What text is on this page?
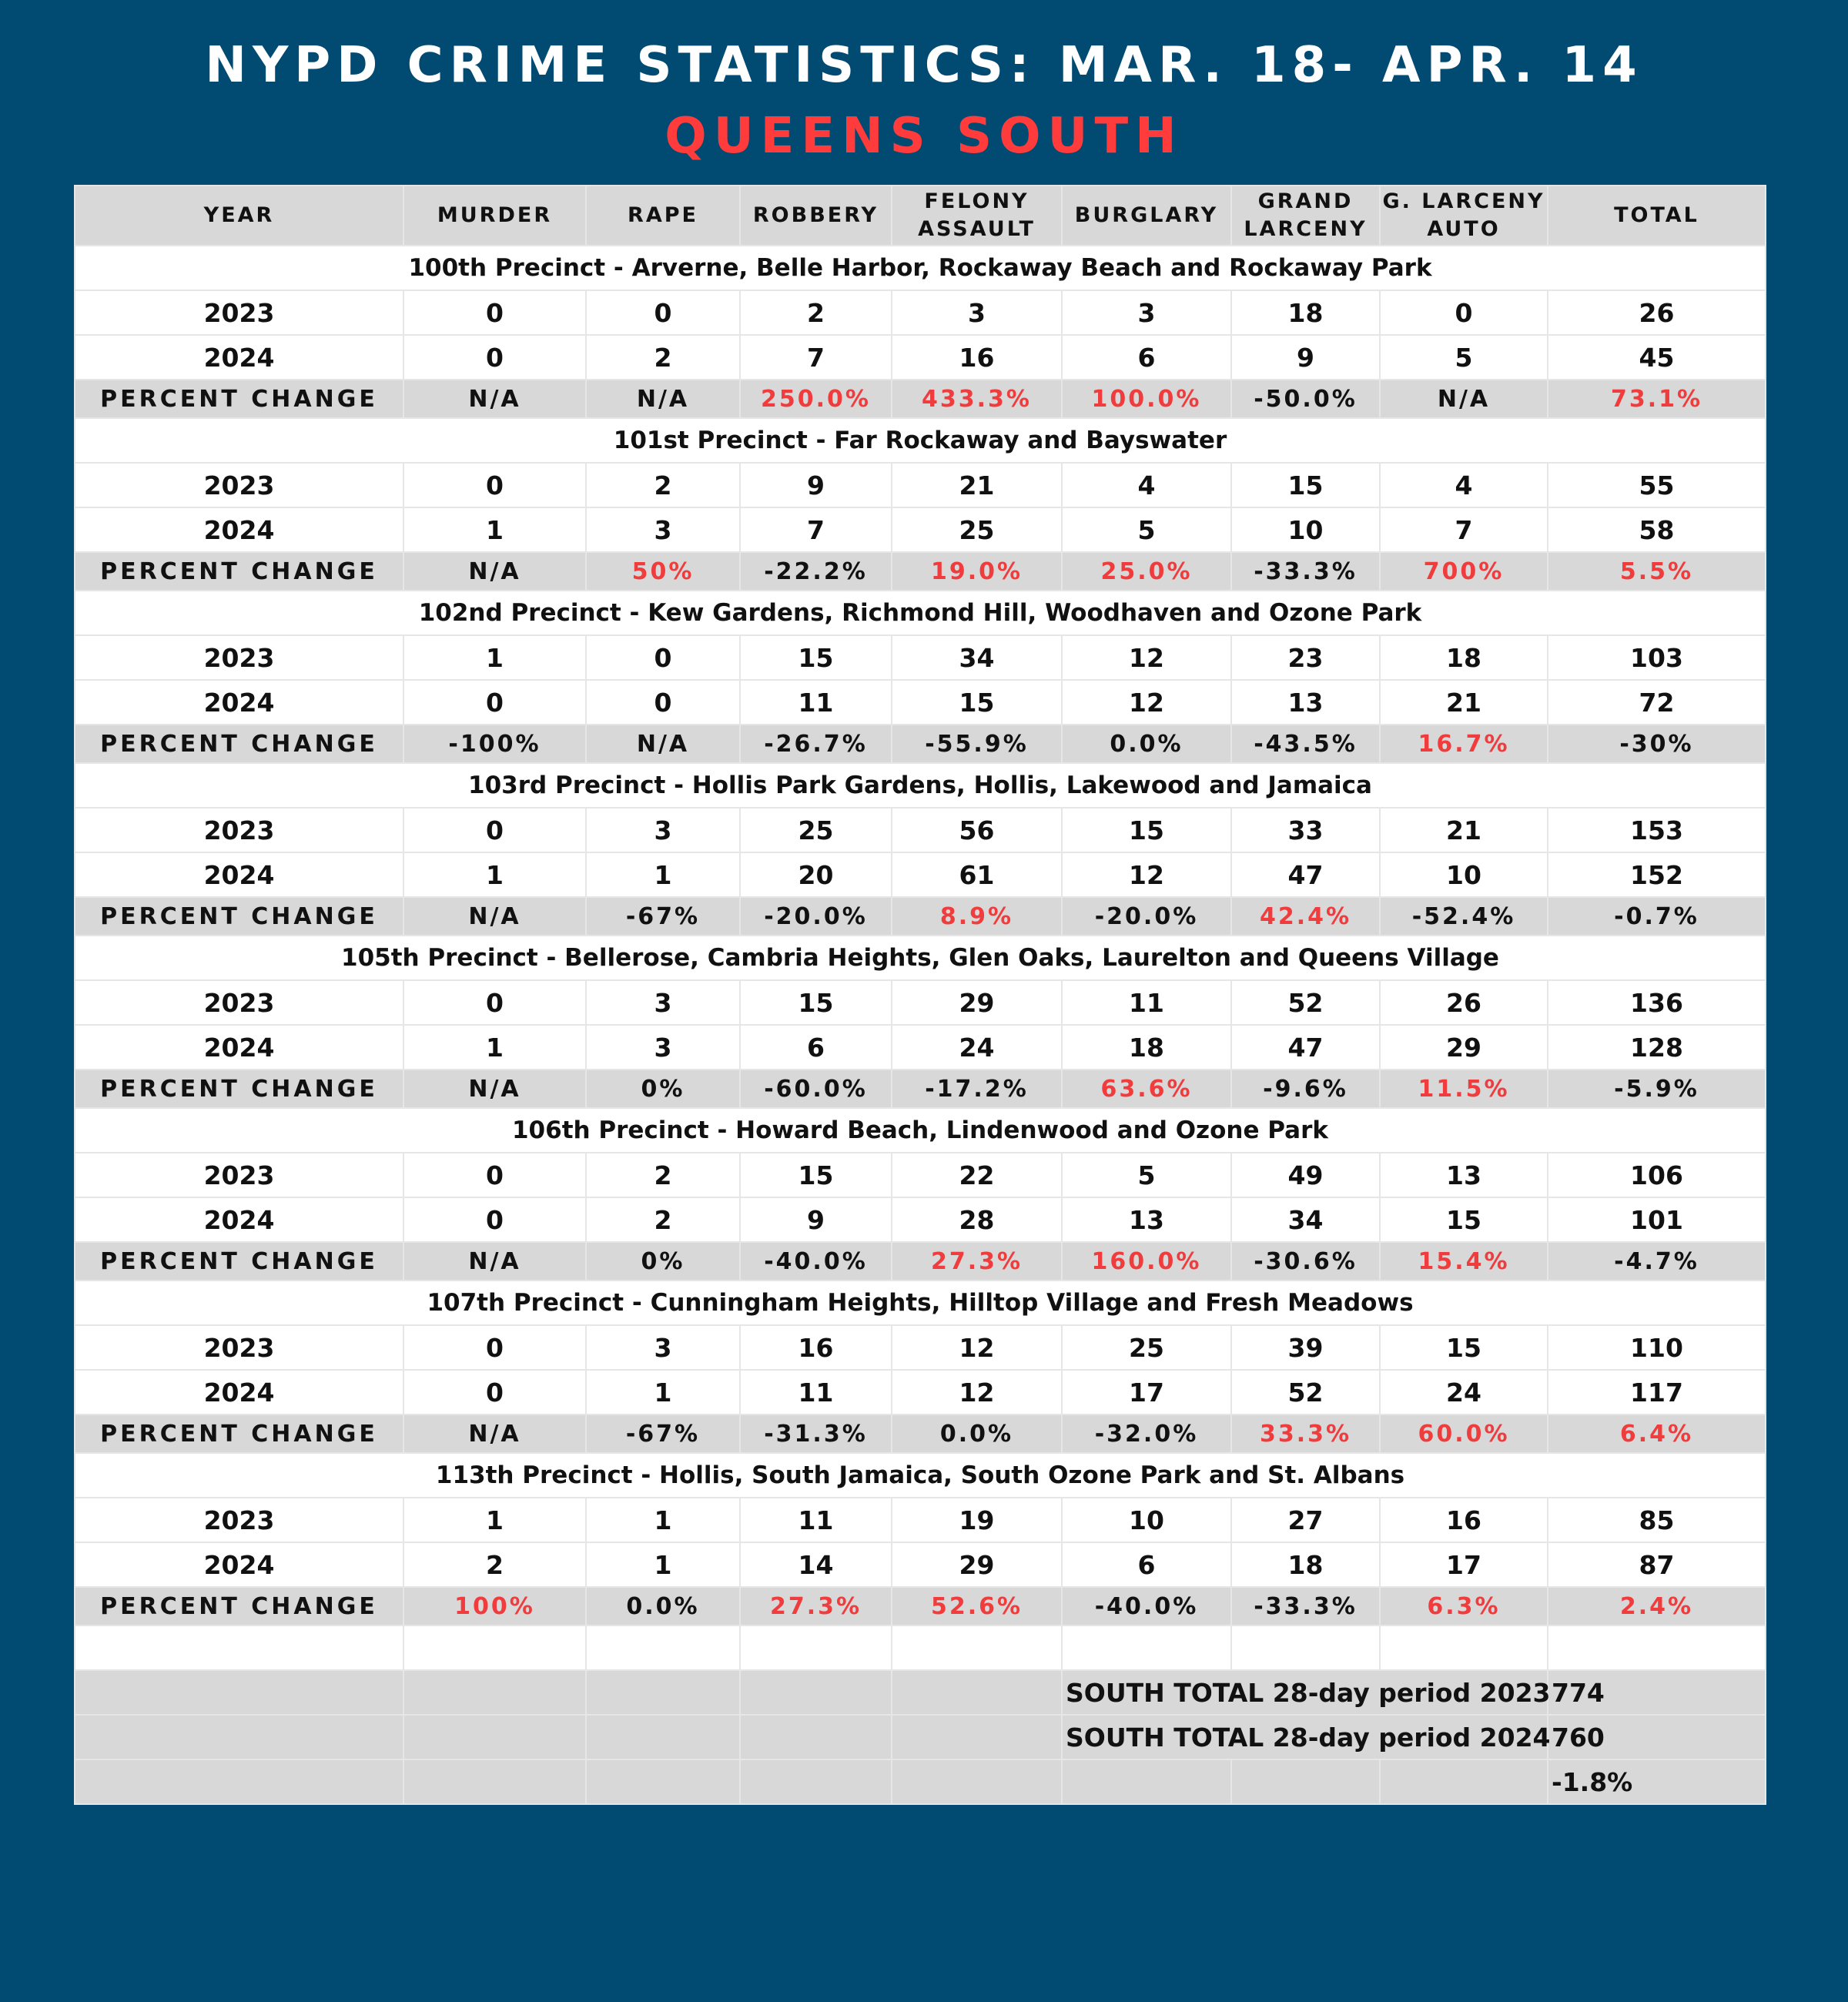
NYPD CRIME STATISTICS: MAR. 18- APR. 14
QUEENS SOUTH
YEAR	MURDER	RAPE	ROBBERY	FELONY ASSAULT	BURGLARY	GRAND LARCENY	G. LARCENY AUTO	TOTAL
100th Precinct - Arverne, Belle Harbor, Rockaway Beach and Rockaway Park								
2023	0	0	2	3	3	18	0	26
2024	0	2	7	16	6	9	5	45
PERCENT CHANGE	N/A	N/A	250.0%	433.3%	100.0%	-50.0%	N/A	73.1%
101st Precinct - Far Rockaway and Bayswater								
2023	0	2	9	21	4	15	4	55
2024	1	3	7	25	5	10	7	58
PERCENT CHANGE	N/A	50%	-22.2%	19.0%	25.0%	-33.3%	700%	5.5%
102nd Precinct - Kew Gardens, Richmond Hill, Woodhaven and Ozone Park								
2023	1	0	15	34	12	23	18	103
2024	0	0	11	15	12	13	21	72
PERCENT CHANGE	-100%	N/A	-26.7%	-55.9%	0.0%	-43.5%	16.7%	-30%
103rd Precinct - Hollis Park Gardens, Hollis, Lakewood and Jamaica								
2023	0	3	25	56	15	33	21	153
2024	1	1	20	61	12	47	10	152
PERCENT CHANGE	N/A	-67%	-20.0%	8.9%	-20.0%	42.4%	-52.4%	-0.7%
105th Precinct - Bellerose, Cambria Heights, Glen Oaks, Laurelton and Queens Village								
2023	0	3	15	29	11	52	26	136
2024	1	3	6	24	18	47	29	128
PERCENT CHANGE	N/A	0%	-60.0%	-17.2%	63.6%	-9.6%	11.5%	-5.9%
106th Precinct - Howard Beach, Lindenwood and Ozone Park								
2023	0	2	15	22	5	49	13	106
2024	0	2	9	28	13	34	15	101
PERCENT CHANGE	N/A	0%	-40.0%	27.3%	160.0%	-30.6%	15.4%	-4.7%
107th Precinct - Cunningham Heights, Hilltop Village and Fresh Meadows								
2023	0	3	16	12	25	39	15	110
2024	0	1	11	12	17	52	24	117
PERCENT CHANGE	N/A	-67%	-31.3%	0.0%	-32.0%	33.3%	60.0%	6.4%
113th Precinct - Hollis, South Jamaica, South Ozone Park and St. Albans								
2023	1	1	11	19	10	27	16	85
2024	2	1	14	29	6	18	17	87
PERCENT CHANGE	100%	0.0%	27.3%	52.6%	-40.0%	-33.3%	6.3%	2.4%

					SOUTH TOTAL 28-day period 2023			774
					SOUTH TOTAL 28-day period 2024			760
								-1.8%
